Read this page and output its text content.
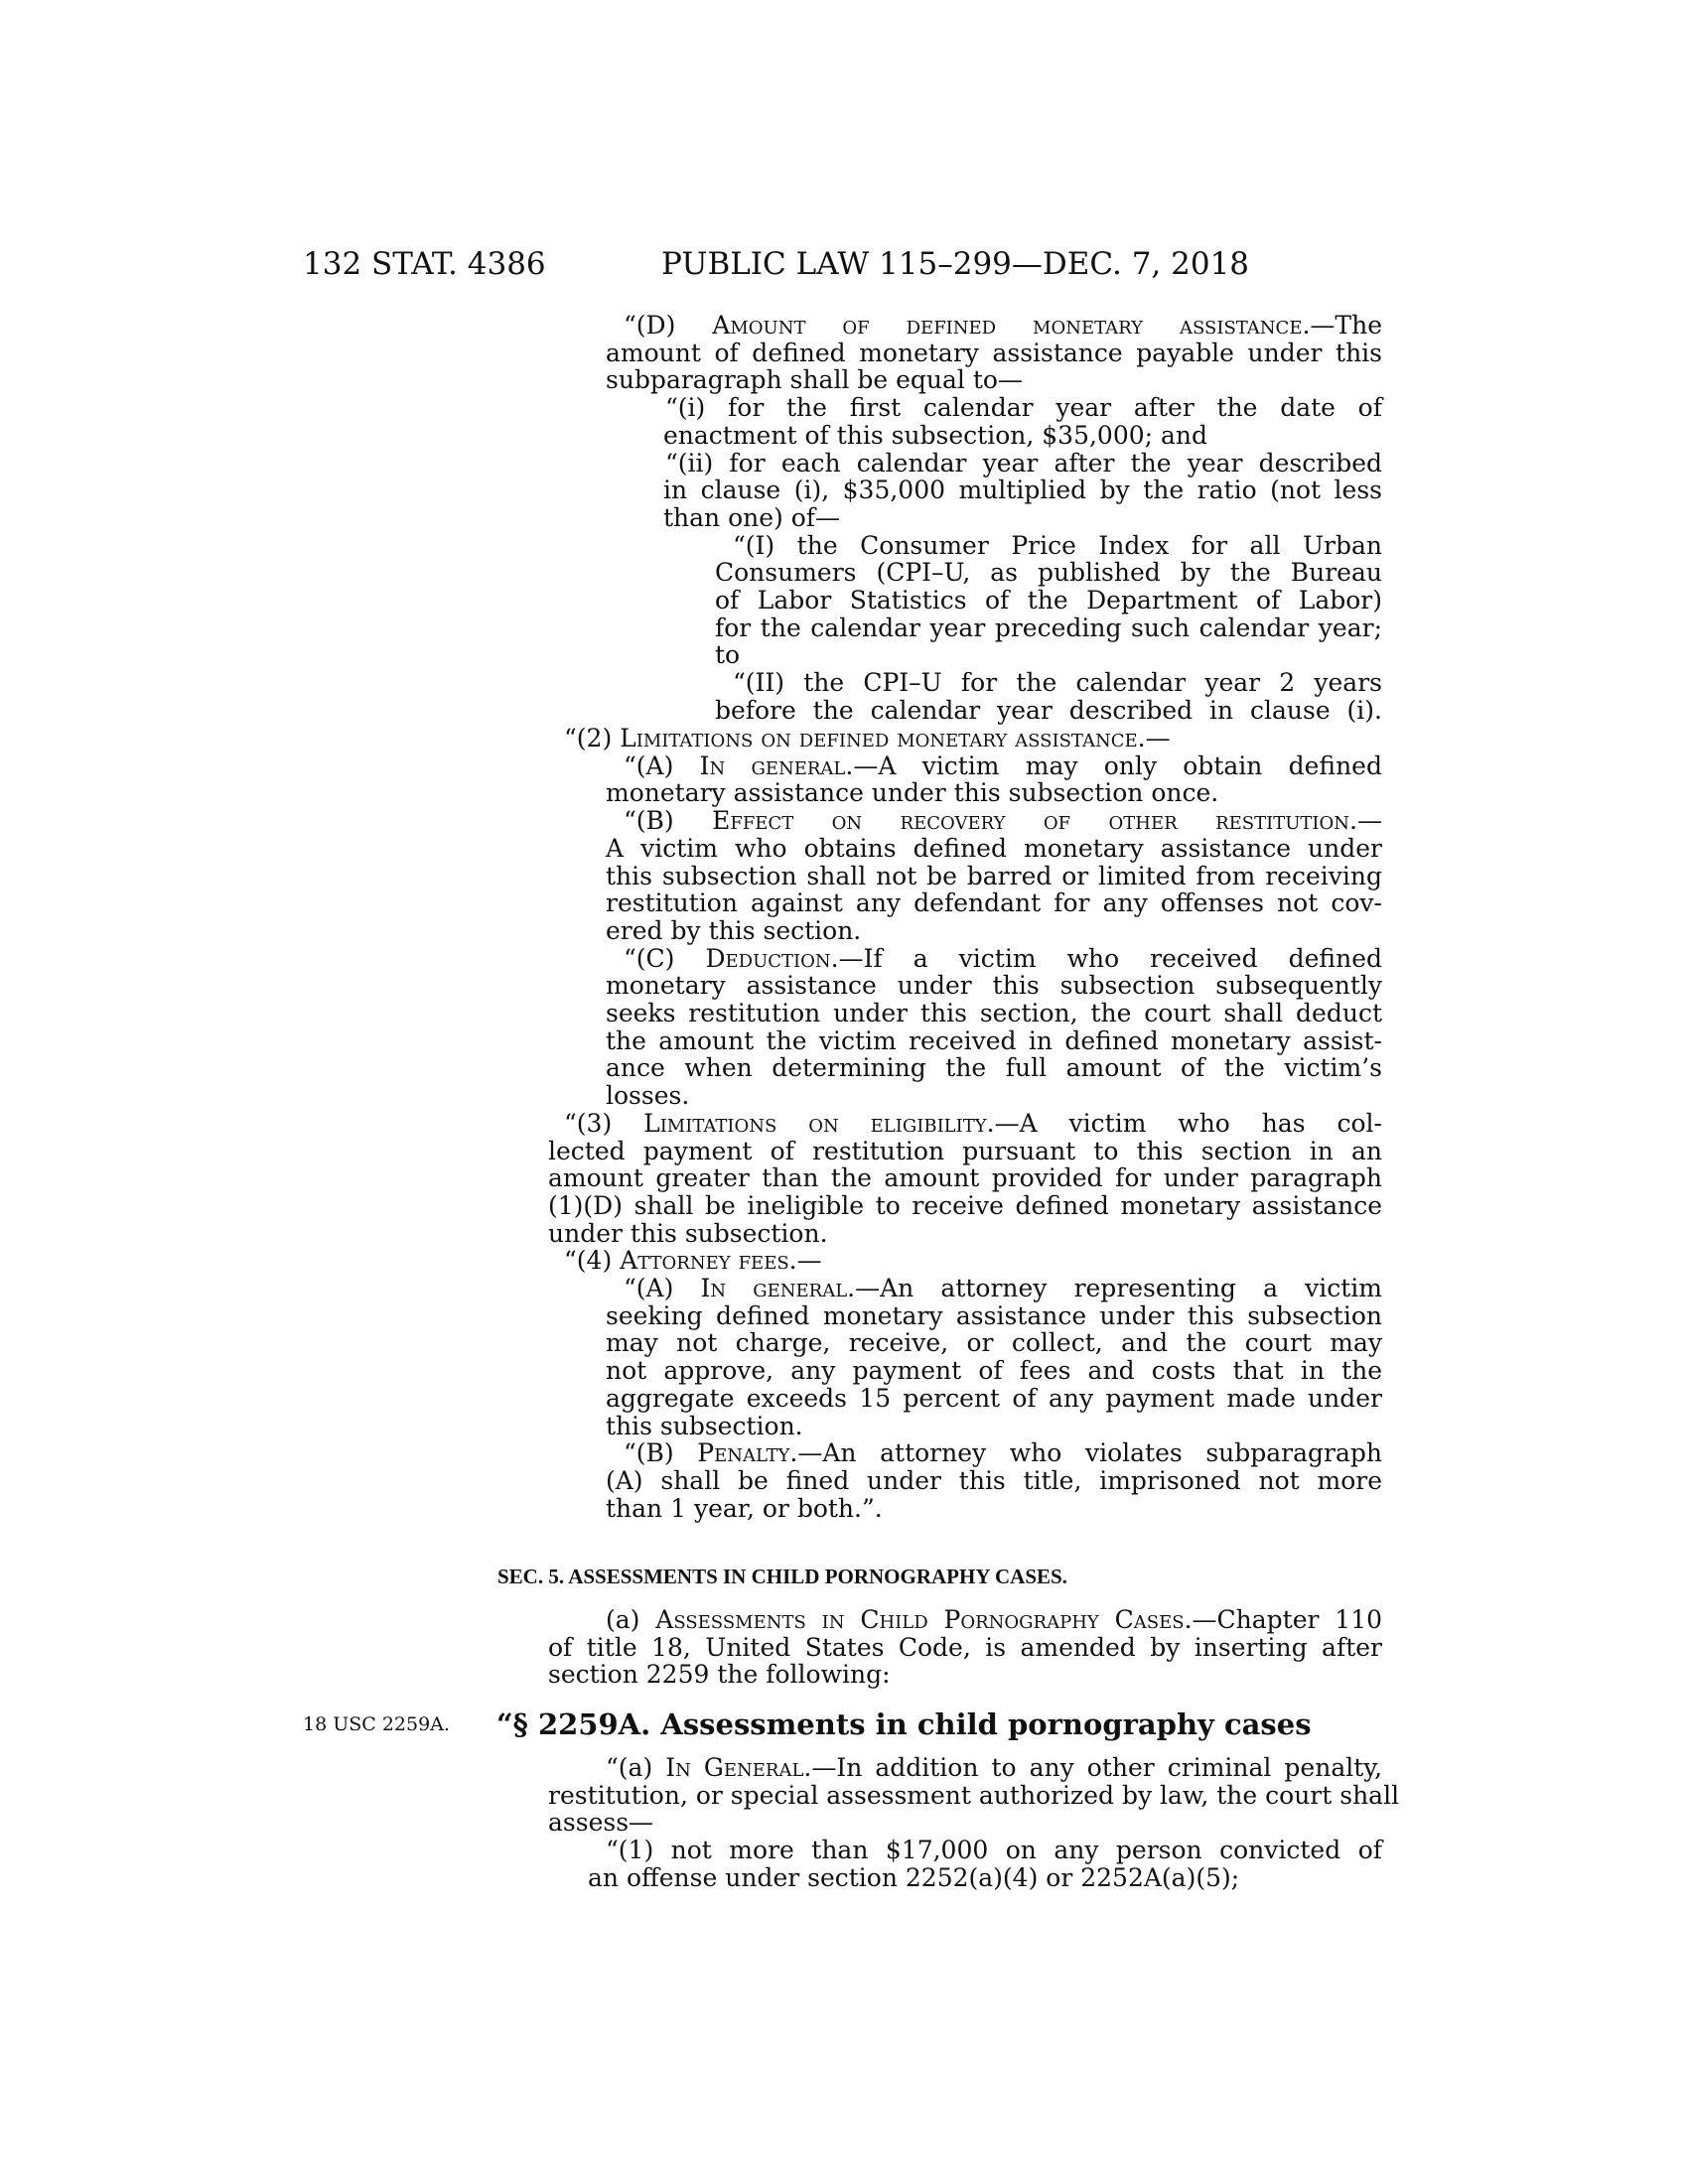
132 STAT. 4386	PUBLIC LAW 115–299—DEC. 7, 2018
“(D) Amount of defined monetary assistance.—The
amount of defined monetary assistance payable under this
subparagraph shall be equal to—
“(i) for the first calendar year after the date of
enactment of this subsection, $35,000; and
“(ii) for each calendar year after the year described
in clause (i), $35,000 multiplied by the ratio (not less
than one) of—
“(I) the Consumer Price Index for all Urban
Consumers (CPI–U, as published by the Bureau
of Labor Statistics of the Department of Labor)
for the calendar year preceding such calendar year;
to
“(II) the CPI–U for the calendar year 2 years
before the calendar year described in clause (i).
“(2) Limitations on defined monetary assistance.—
“(A) In general.—A victim may only obtain defined
monetary assistance under this subsection once.
“(B) Effect on recovery of other restitution.—
A victim who obtains defined monetary assistance under
this subsection shall not be barred or limited from receiving
restitution against any defendant for any offenses not cov-
ered by this section.
“(C) Deduction.—If a victim who received defined
monetary assistance under this subsection subsequently
seeks restitution under this section, the court shall deduct
the amount the victim received in defined monetary assist-
ance when determining the full amount of the victim’s
losses.
“(3) Limitations on eligibility.—A victim who has col-
lected payment of restitution pursuant to this section in an
amount greater than the amount provided for under paragraph
(1)(D) shall be ineligible to receive defined monetary assistance
under this subsection.
“(4) Attorney fees.—
“(A) In general.—An attorney representing a victim
seeking defined monetary assistance under this subsection
may not charge, receive, or collect, and the court may
not approve, any payment of fees and costs that in the
aggregate exceeds 15 percent of any payment made under
this subsection.
“(B) Penalty.—An attorney who violates subparagraph
(A) shall be fined under this title, imprisoned not more
than 1 year, or both.”.
SEC. 5. ASSESSMENTS IN CHILD PORNOGRAPHY CASES.
(a) Assessments in Child Pornography Cases.—Chapter 110
of title 18, United States Code, is amended by inserting after
section 2259 the following:
18 USC 2259A. “§ 2259A. Assessments in child pornography cases
“(a) In General.—In addition to any other criminal penalty,
restitution, or special assessment authorized by law, the court shall
assess—
“(1) not more than $17,000 on any person convicted of
an offense under section 2252(a)(4) or 2252A(a)(5);
